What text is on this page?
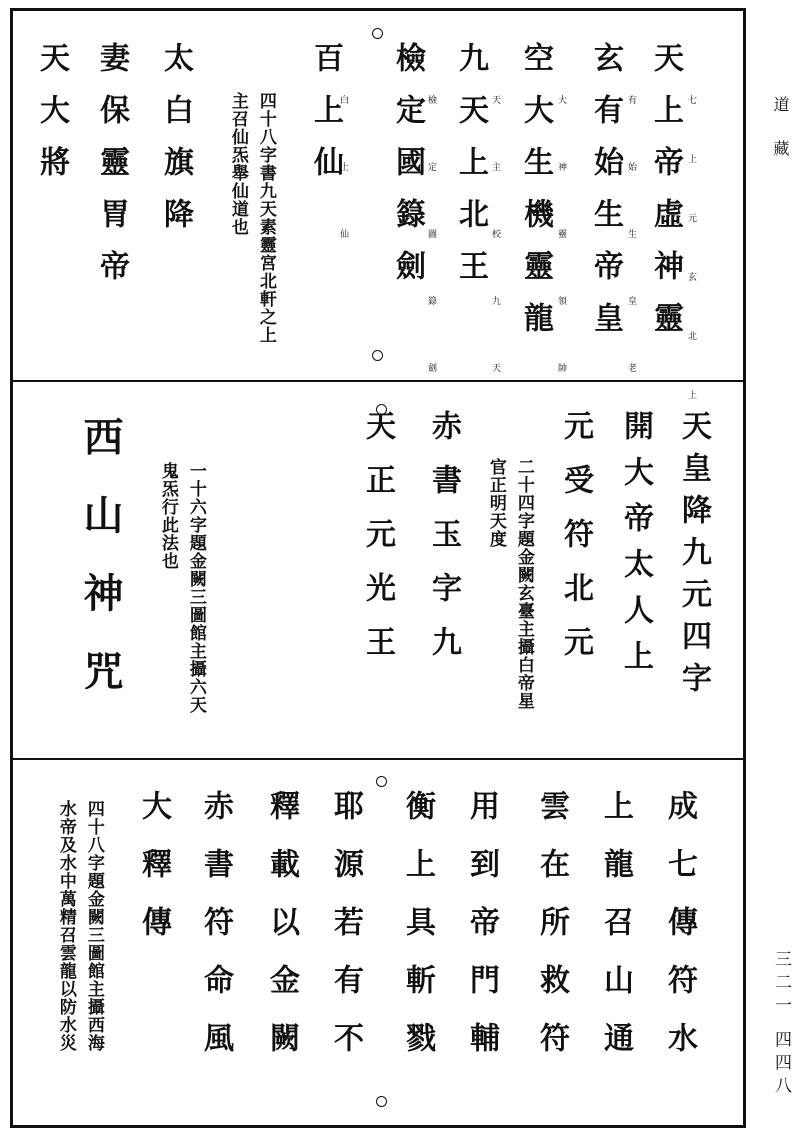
道　藏
三二一 四四八
天上帝虛神靈
玄有始生帝皇
空大生機靈龍
九天上北王
檢定國籙劍
百上仙	七上元玄北上
有始生皇老
大神靈領帥
天主校九天
檢定圖籙劍
白上仙
四十八字書九天素靈宮北軒之上
主召仙炁舉仙道也
太白旗降
妻保靈胃帝
天大將
天皇降九元四字
開大帝太人上
元受符北元
二十四字題金闕玄臺主攝白帝星
官正明天度
赤書玉字九
天正元光王
一十六字題金闕三圖館主攝六天
鬼炁行此法也
西山神咒
成七傳符水
上龍召山通
雲在所救符
用到帝門輔
衡上具斬戮
耶源若有不
釋載以金闕
赤書符命風
大釋傳
四十八字題金闕三圖館主攝西海
水帝及水中萬精召雲龍以防水災
